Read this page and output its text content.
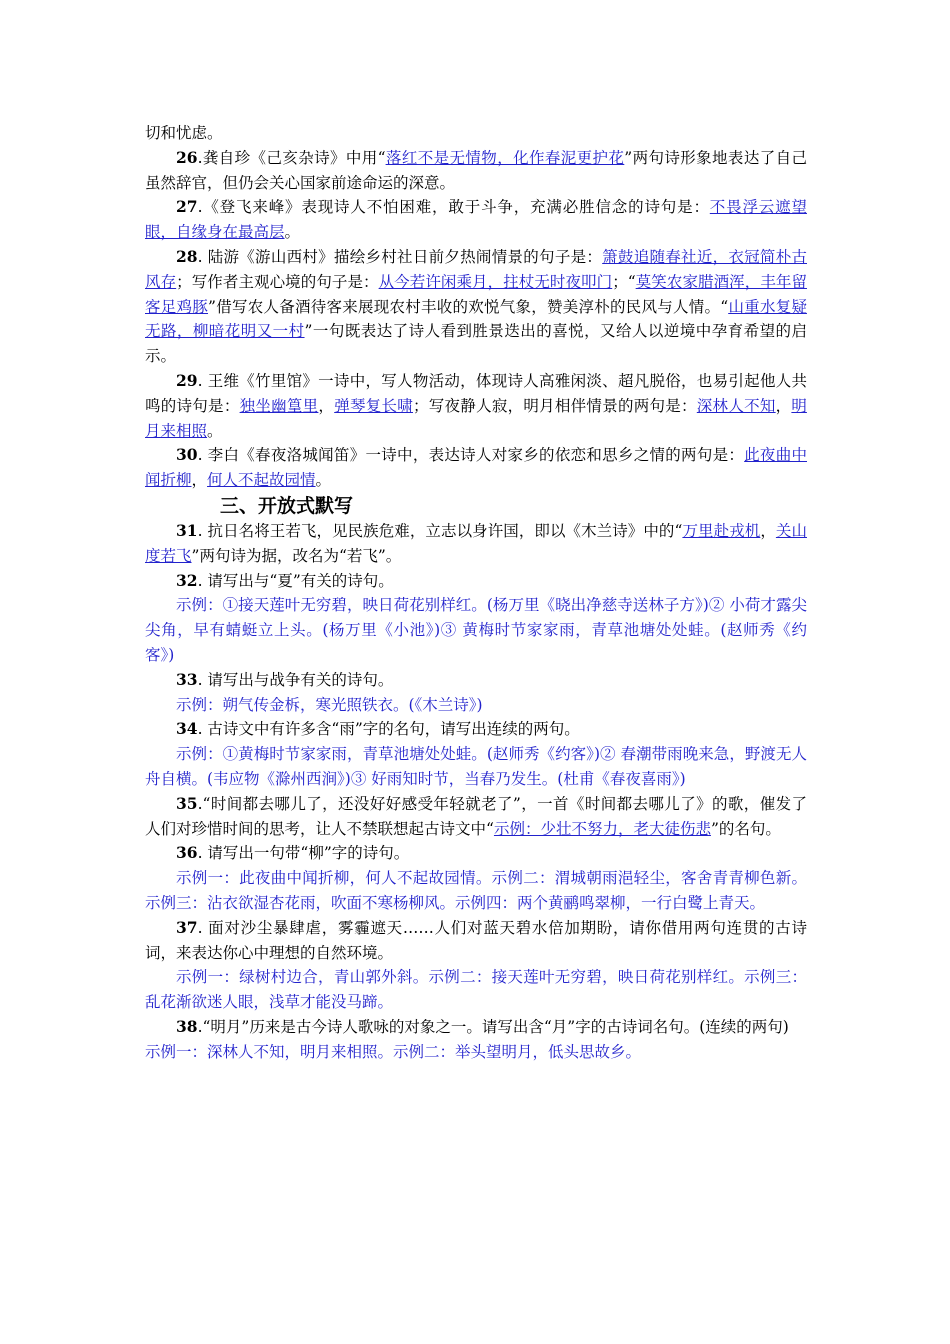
切和忧虑。

26.龚自珍《己亥杂诗》中用“落红不是无情物，化作春泥更护花”两句诗形象地表达了自己虽然辞官，但仍会关心国家前途命运的深意。

27.《登飞来峰》表现诗人不怕困难，敢于斗争，充满必胜信念的诗句是：不畏浮云遮望眼，自缘身在最高层。

28. 陆游《游山西村》描绘乡村社日前夕热闹情景的句子是：箫鼓追随春社近，衣冠简朴古风存；写作者主观心境的句子是：从今若许闲乘月，拄杖无时夜叩门；“莫笑农家腊酒浑，丰年留客足鸡豚”借写农人备酒待客来展现农村丰收的欢悦气象，赞美淳朴的民风与人情。“山重水复疑无路，柳暗花明又一村”一句既表达了诗人看到胜景迭出的喜悦，又给人以逆境中孕育希望的启示。

29. 王维《竹里馆》一诗中，写人物活动，体现诗人高雅闲淡、超凡脱俗，也易引起他人共鸣的诗句是：独坐幽篁里，弹琴复长啸；写夜静人寂，明月相伴情景的两句是：深林人不知，明月来相照。

30. 李白《春夜洛城闻笛》一诗中，表达诗人对家乡的依恋和思乡之情的两句是：此夜曲中闻折柳，何人不起故园情。

三、开放式默写

31. 抗日名将王若飞，见民族危难，立志以身许国，即以《木兰诗》中的“万里赴戎机，关山度若飞”两句诗为据，改名为“若飞”。

32. 请写出与“夏”有关的诗句。

示例：①接天莲叶无穷碧，映日荷花别样红。(杨万里《晓出净慈寺送林子方》)② 小荷才露尖尖角，早有蜻蜓立上头。(杨万里《小池》)③ 黄梅时节家家雨，青草池塘处处蛙。(赵师秀《约客》)

33. 请写出与战争有关的诗句。

示例：朔气传金柝，寒光照铁衣。(《木兰诗》)

34. 古诗文中有许多含“雨”字的名句，请写出连续的两句。

示例：①黄梅时节家家雨，青草池塘处处蛙。(赵师秀《约客》)② 春潮带雨晚来急，野渡无人舟自横。(韦应物《滁州西涧》)③ 好雨知时节，当春乃发生。(杜甫《春夜喜雨》)

35.“时间都去哪儿了，还没好好感受年轻就老了”，一首《时间都去哪儿了》的歌，催发了人们对珍惜时间的思考，让人不禁联想起古诗文中“示例：少壮不努力，老大徒伤悲”的名句。

36. 请写出一句带“柳”字的诗句。

示例一：此夜曲中闻折柳，何人不起故园情。示例二：渭城朝雨浥轻尘，客舍青青柳色新。示例三：沾衣欲湿杏花雨，吹面不寒杨柳风。示例四：两个黄鹂鸣翠柳，一行白鹭上青天。

37. 面对沙尘暴肆虐，雾霾遮天……人们对蓝天碧水倍加期盼，请你借用两句连贯的古诗词，来表达你心中理想的自然环境。

示例一：绿树村边合，青山郭外斜。示例二：接天莲叶无穷碧，映日荷花别样红。示例三：乱花渐欲迷人眼，浅草才能没马蹄。

38.“明月”历来是古今诗人歌咏的对象之一。请写出含“月”字的古诗词名句。(连续的两句)

示例一：深林人不知，明月来相照。示例二：举头望明月，低头思故乡。
